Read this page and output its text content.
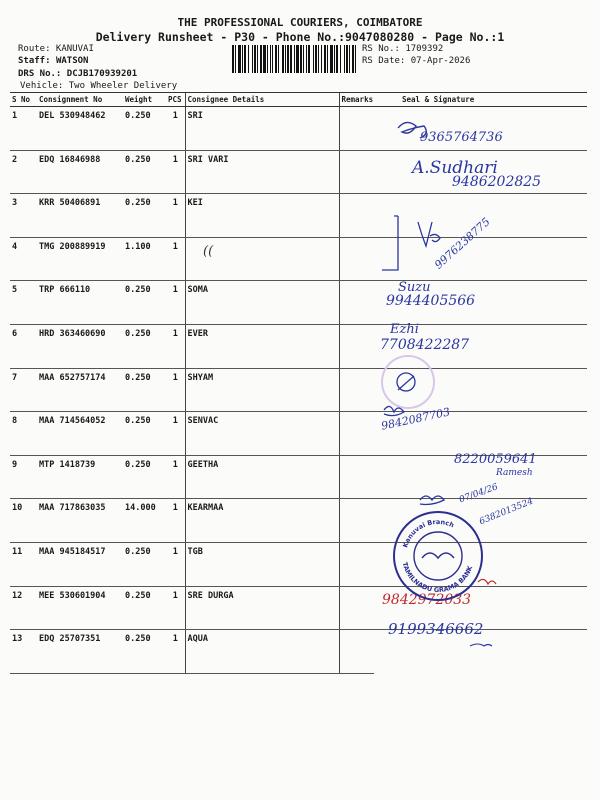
THE PROFESSIONAL COURIERS, COIMBATORE
Delivery Runsheet - P30 - Phone No.:9047080280 - Page No.:1
Route: KANUVAI
Staff: WATSON
DRS No.: DCJB170939201
Vehicle: Two Wheeler Delivery
RS No.: 1709392
RS Date: 07-Apr-2026
S No	Consignment No	Weight	PCS	Consignee Details	Remarks	Seal & Signature
1	DEL 530948462	0.250	1	SRI		
2	EDQ 16846988	0.250	1	SRI VARI		
3	KRR 50406891	0.250	1	KEI		
4	TMG 200889919	1.100	1			
5	TRP 666110	0.250	1	SOMA		
6	HRD 363460690	0.250	1	EVER		
7	MAA 652757174	0.250	1	SHYAM		
8	MAA 714564052	0.250	1	SENVAC		
9	MTP 1418739	0.250	1	GEETHA		
10	MAA 717863035	14.000	1	KEARMAA		
11	MAA 945184517	0.250	1	TGB		
12	MEE 530601904	0.250	1	SRE DURGA		
13	EDQ 25707351	0.250	1	AQUA		
9365764736
A.Sudhari
9486202825
9976238775
((
Suzu
9944405566
Ezhi
7708422287
9842087703
8220059641
Ramesh
07/04/26
6382013524
9842972033
9199346662
Kanuvai Branch
TAMILNADU GRAMA BANK
